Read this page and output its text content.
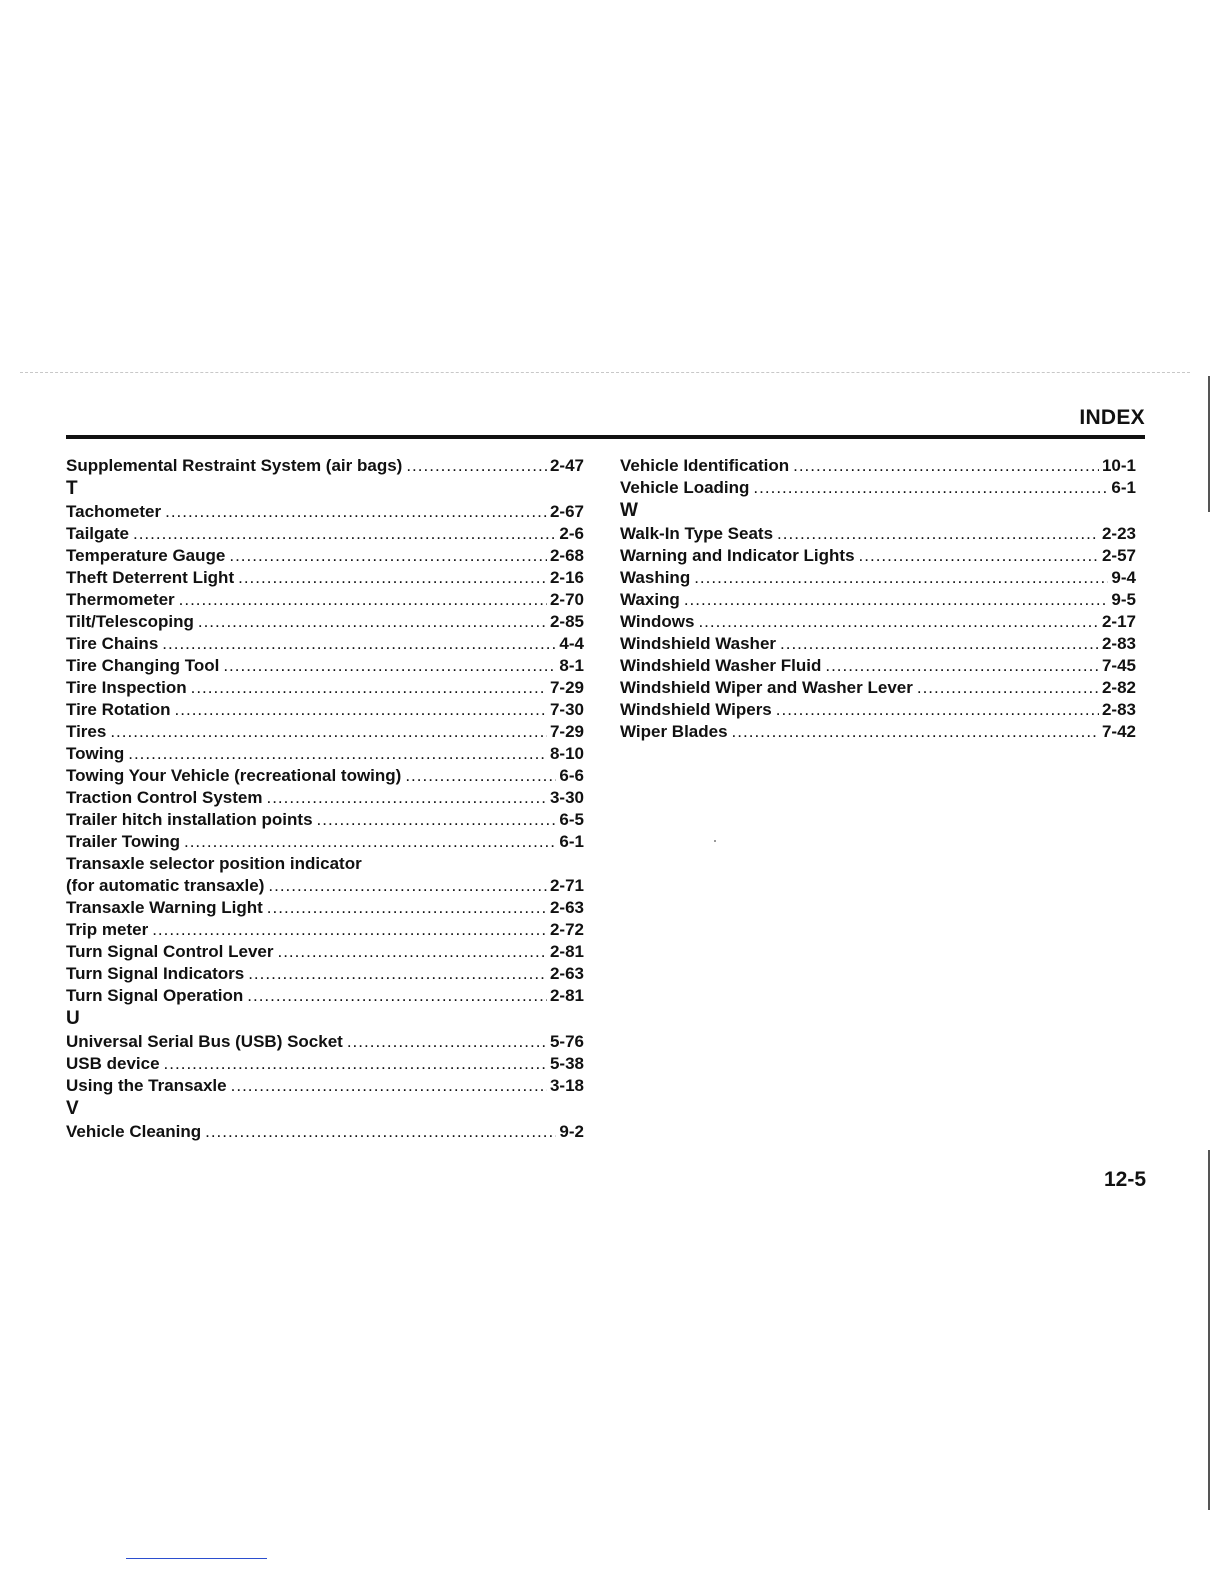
INDEX
Supplemental Restraint System (air bags) .....	2-47
T
Tachometer .....	2-67
Tailgate .....	2-6
Temperature Gauge .....	2-68
Theft Deterrent Light .....	2-16
Thermometer .....	2-70
Tilt/Telescoping .....	2-85
Tire Chains .....	4-4
Tire Changing Tool .....	8-1
Tire Inspection .....	7-29
Tire Rotation .....	7-30
Tires .....	7-29
Towing .....	8-10
Towing Your Vehicle (recreational towing) .....	6-6
Traction Control System .....	3-30
Trailer hitch installation points .....	6-5
Trailer Towing .....	6-1
Transaxle selector position indicator
(for automatic transaxle) .....	2-71
Transaxle Warning Light .....	2-63
Trip meter .....	2-72
Turn Signal Control Lever .....	2-81
Turn Signal Indicators .....	2-63
Turn Signal Operation .....	2-81
U
Universal Serial Bus (USB) Socket .....	5-76
USB device .....	5-38
Using the Transaxle .....	3-18
V
Vehicle Cleaning .....	9-2
Vehicle Identification .....	10-1
Vehicle Loading .....	6-1
W
Walk-In Type Seats .....	2-23
Warning and Indicator Lights .....	2-57
Washing .....	9-4
Waxing .....	9-5
Windows .....	2-17
Windshield Washer .....	2-83
Windshield Washer Fluid .....	7-45
Windshield Wiper and Washer Lever .....	2-82
Windshield Wipers .....	2-83
Wiper Blades .....	7-42
12-5
